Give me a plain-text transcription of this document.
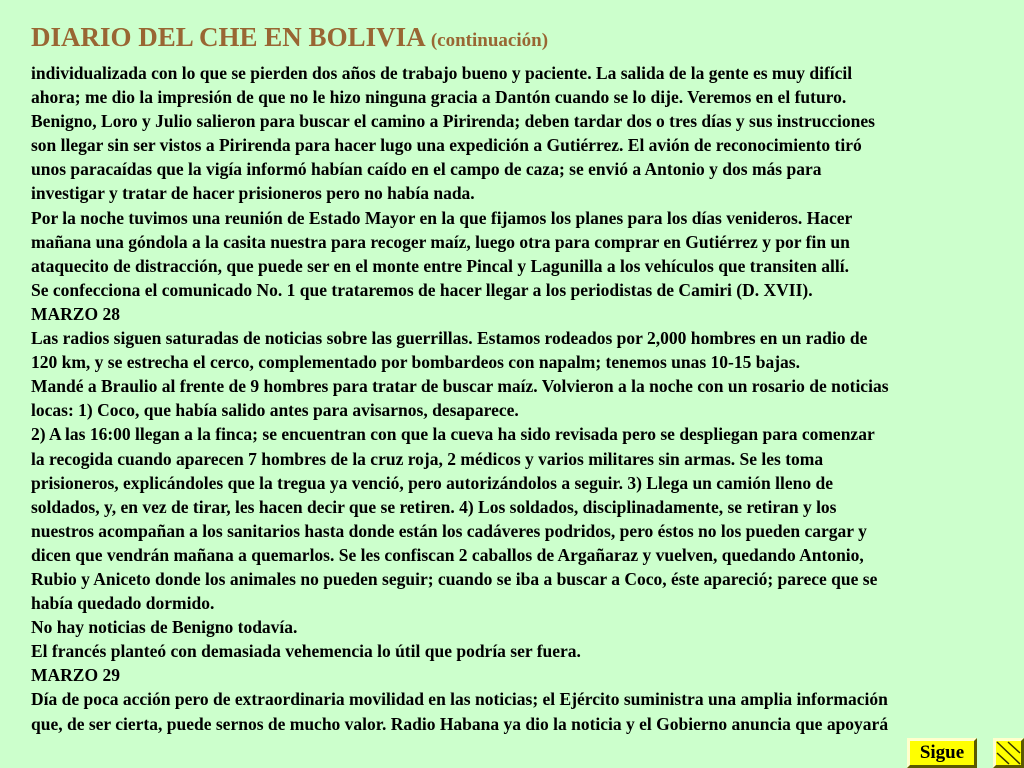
DIARIO DEL CHE EN BOLIVIA (continuación)
individualizada con lo que se pierden dos años de trabajo bueno y paciente. La salida de la gente es muy difícil
ahora; me dio la impresión de que no le hizo ninguna gracia a Dantón cuando se lo dije. Veremos en el futuro.
Benigno, Loro y Julio salieron para buscar el camino a Pirirenda; deben tardar dos o tres días y sus instrucciones
son llegar sin ser vistos a Pirirenda para hacer lugo una expedición a Gutiérrez. El avión de reconocimiento tiró
unos paracaídas que la vigía informó habían caído en el campo de caza; se envió a Antonio y dos más para
investigar y tratar de hacer prisioneros pero no había nada.
Por la noche tuvimos una reunión de Estado Mayor en la que fijamos los planes para los días venideros. Hacer
mañana una góndola a la casita nuestra para recoger maíz, luego otra para comprar en Gutiérrez y por fin un
ataquecito de distracción, que puede ser en el monte entre Pincal y Lagunilla a los vehículos que transiten allí.
Se confecciona el comunicado No. 1 que trataremos de hacer llegar a los periodistas de Camiri (D. XVII).
MARZO 28
Las radios siguen saturadas de noticias sobre las guerrillas. Estamos rodeados por 2,000 hombres en un radio de
120 km, y se estrecha el cerco, complementado por bombardeos con napalm; tenemos unas 10-15 bajas.
Mandé a Braulio al frente de 9 hombres para tratar de buscar maíz. Volvieron a la noche con un rosario de noticias
locas: 1) Coco, que había salido antes para avisarnos, desaparece.
2) A las 16:00 llegan a la finca; se encuentran con que la cueva ha sido revisada pero se despliegan para comenzar
la recogida cuando aparecen 7 hombres de la cruz roja, 2 médicos y varios militares sin armas. Se les toma
prisioneros, explicándoles que la tregua ya venció, pero autorizándolos a seguir. 3) Llega un camión lleno de
soldados, y, en vez de tirar, les hacen decir que se retiren. 4) Los soldados, disciplinadamente, se retiran y los
nuestros acompañan a los sanitarios hasta donde están los cadáveres podridos, pero éstos no los pueden cargar y
dicen que vendrán mañana a quemarlos. Se les confiscan 2 caballos de Argañaraz y vuelven, quedando Antonio,
Rubio y Aniceto donde los animales no pueden seguir; cuando se iba a buscar a Coco, éste apareció; parece que se
había quedado dormido.
No hay noticias de Benigno todavía.
El francés planteó con demasiada vehemencia lo útil que podría ser fuera.
MARZO 29
Día de poca acción pero de extraordinaria movilidad en las noticias; el Ejército suministra una amplia información
que, de ser cierta, puede sernos de mucho valor. Radio Habana ya dio la noticia y el Gobierno anuncia que apoyará
Sigue
